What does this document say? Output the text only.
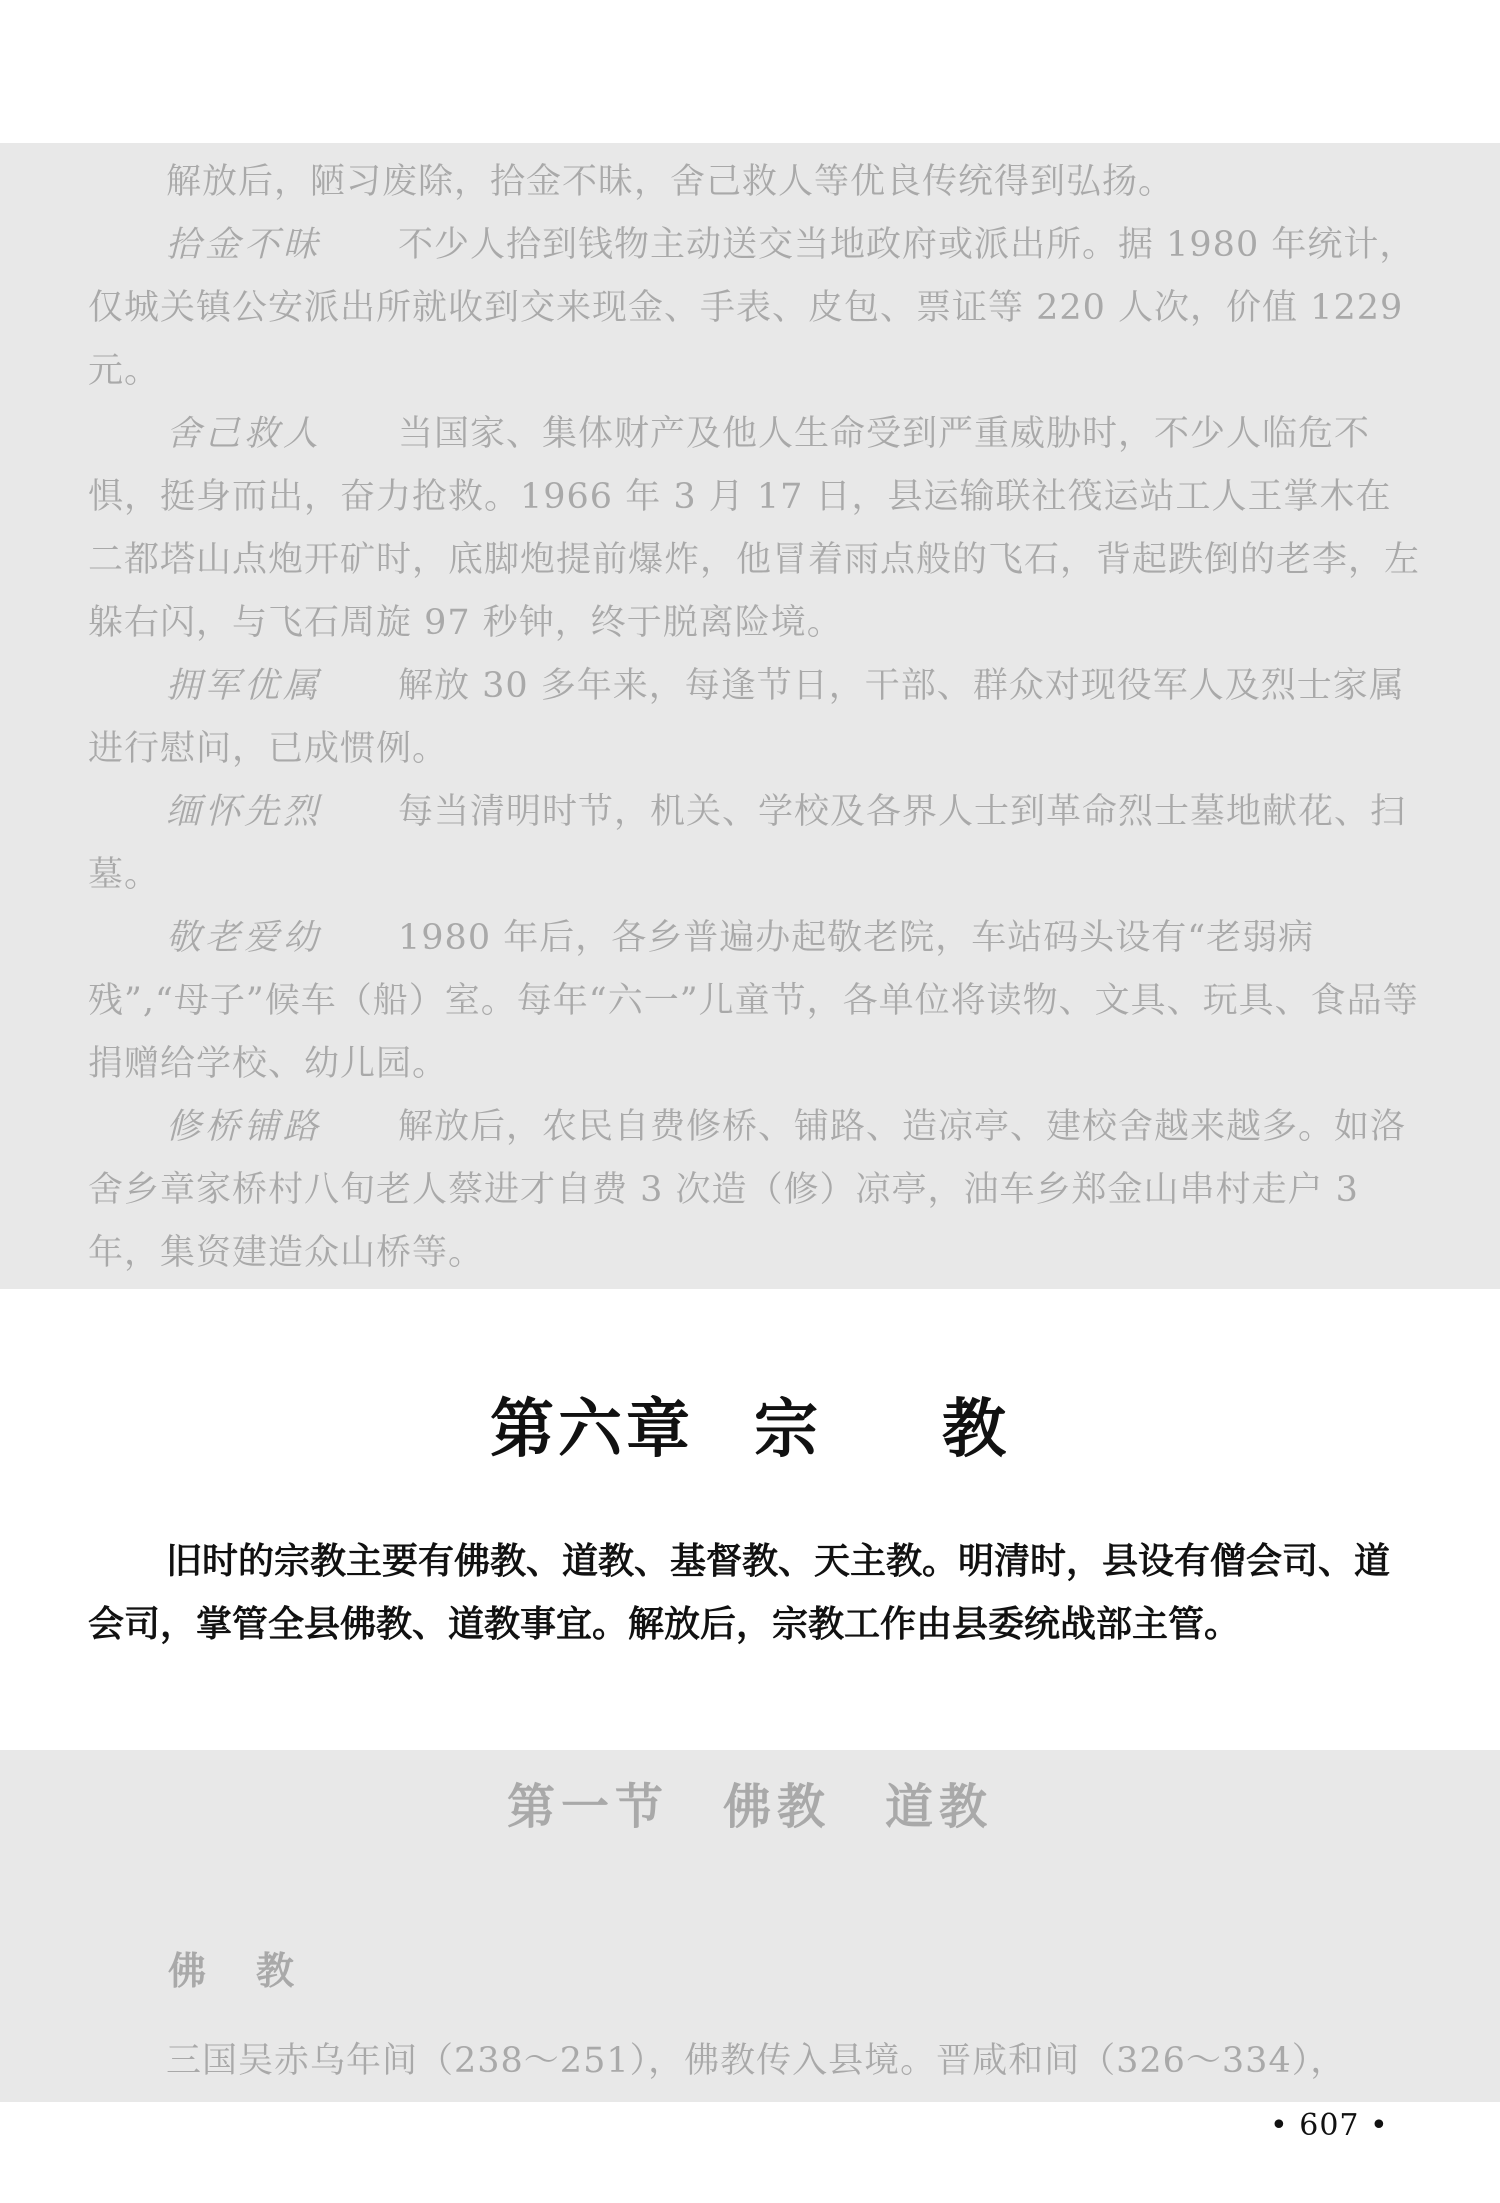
解放后，陋习废除，拾金不昧，舍己救人等优良传统得到弘扬。

拾金不昧 不少人拾到钱物主动送交当地政府或派出所。据 1980 年统计，仅城关镇公安派出所就收到交来现金、手表、皮包、票证等 220 人次，价值 1229 元。

舍己救人 当国家、集体财产及他人生命受到严重威胁时，不少人临危不惧，挺身而出，奋力抢救。1966 年 3 月 17 日，县运输联社筏运站工人王掌木在二都塔山点炮开矿时，底脚炮提前爆炸，他冒着雨点般的飞石，背起跌倒的老李，左躲右闪，与飞石周旋 97 秒钟，终于脱离险境。

拥军优属 解放 30 多年来，每逢节日，干部、群众对现役军人及烈士家属进行慰问，已成惯例。

缅怀先烈 每当清明时节，机关、学校及各界人士到革命烈士墓地献花、扫墓。

敬老爱幼 1980 年后，各乡普遍办起敬老院，车站码头设有“老弱病残”,“母子”候车（船）室。每年“六一”儿童节，各单位将读物、文具、玩具、食品等捐赠给学校、幼儿园。

修桥铺路 解放后，农民自费修桥、铺路、造凉亭、建校舍越来越多。如洛舍乡章家桥村八旬老人蔡进才自费 3 次造（修）凉亭，油车乡郑金山串村走户 3 年，集资建造众山桥等。

第六章 宗 教

旧时的宗教主要有佛教、道教、基督教、天主教。明清时，县设有僧会司、道会司，掌管全县佛教、道教事宜。解放后，宗教工作由县委统战部主管。

第一节　佛教　道教
佛教

三国吴赤乌年间（238～251），佛教传入县境。晋咸和间（326～334），

• 607 •
